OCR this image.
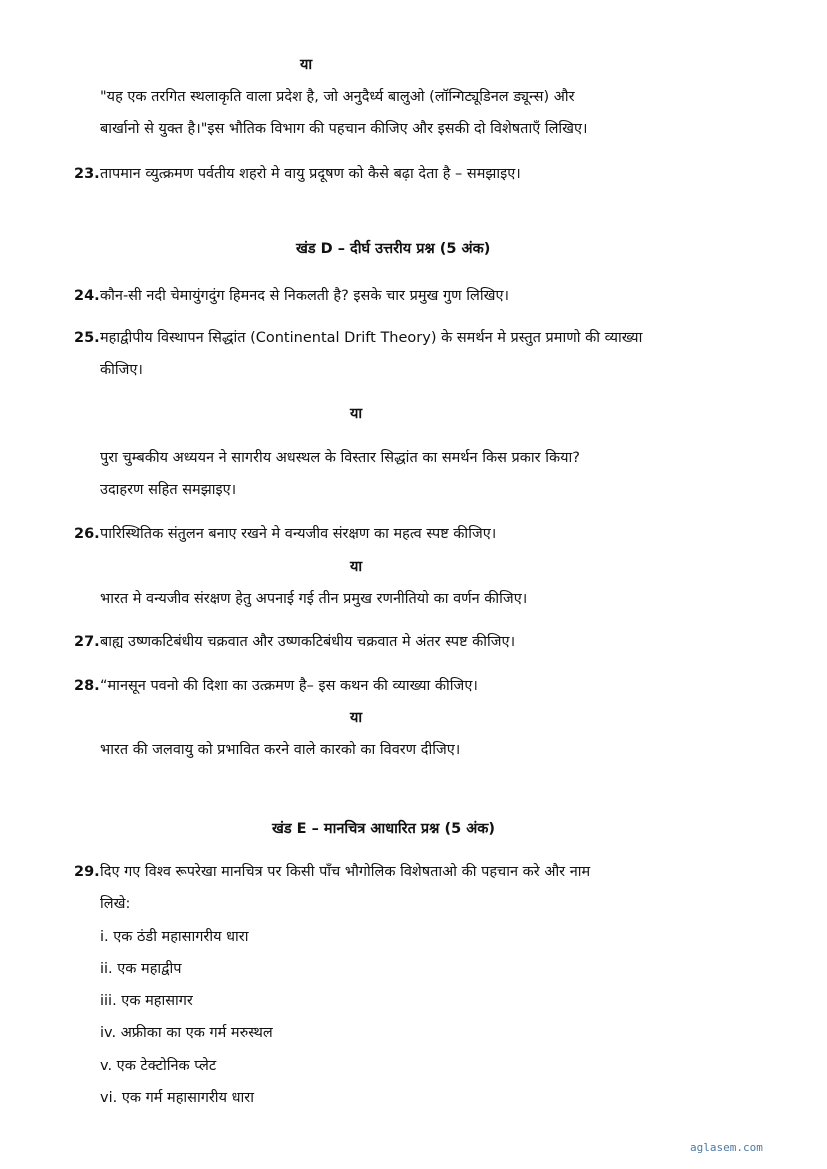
या
"यह एक तरगित स्थलाकृति वाला प्रदेश है, जो अनुदैर्ध्य बालुओ (लॉन्गिट्यूडिनल ड्यून्स) और
बार्खानो से युक्त है।"इस भौतिक विभाग की पहचान कीजिए और इसकी दो विशेषताएँ लिखिए।
23. तापमान व्युत्क्रमण पर्वतीय शहरो मे वायु प्रदूषण को कैसे बढ़ा देता है – समझाइए।
खंड D – दीर्घ उत्तरीय प्रश्न (5 अंक)
24. कौन-सी नदी चेमायुंगदुंग हिमनद से निकलती है? इसके चार प्रमुख गुण लिखिए।
25. महाद्वीपीय विस्थापन सिद्धांत (Continental Drift Theory) के समर्थन मे प्रस्तुत प्रमाणो की व्याख्या
कीजिए।
या
पुरा चुम्बकीय अध्ययन ने सागरीय अधस्थल के विस्तार सिद्धांत का समर्थन किस प्रकार किया?
उदाहरण सहित समझाइए।
26. पारिस्थितिक संतुलन बनाए रखने मे वन्यजीव संरक्षण का महत्व स्पष्ट कीजिए।
या
भारत मे वन्यजीव संरक्षण हेतु अपनाई गई तीन प्रमुख रणनीतियो का वर्णन कीजिए।
27. बाह्य उष्णकटिबंधीय चक्रवात और उष्णकटिबंधीय चक्रवात मे अंतर स्पष्ट कीजिए।
28. “मानसून पवनो की दिशा का उत्क्रमण है– इस कथन की व्याख्या कीजिए।
या
भारत की जलवायु को प्रभावित करने वाले कारको का विवरण दीजिए।
खंड E – मानचित्र आधारित प्रश्न (5 अंक)
29. दिए गए विश्व रूपरेखा मानचित्र पर किसी पाँच भौगोलिक विशेषताओ की पहचान करे और नाम
लिखे:
i. एक ठंडी महासागरीय धारा
ii. एक महाद्वीप
iii. एक महासागर
iv. अफ्रीका का एक गर्म मरुस्थल
v. एक टेक्टोनिक प्लेट
vi. एक गर्म महासागरीय धारा
aglasem.com
